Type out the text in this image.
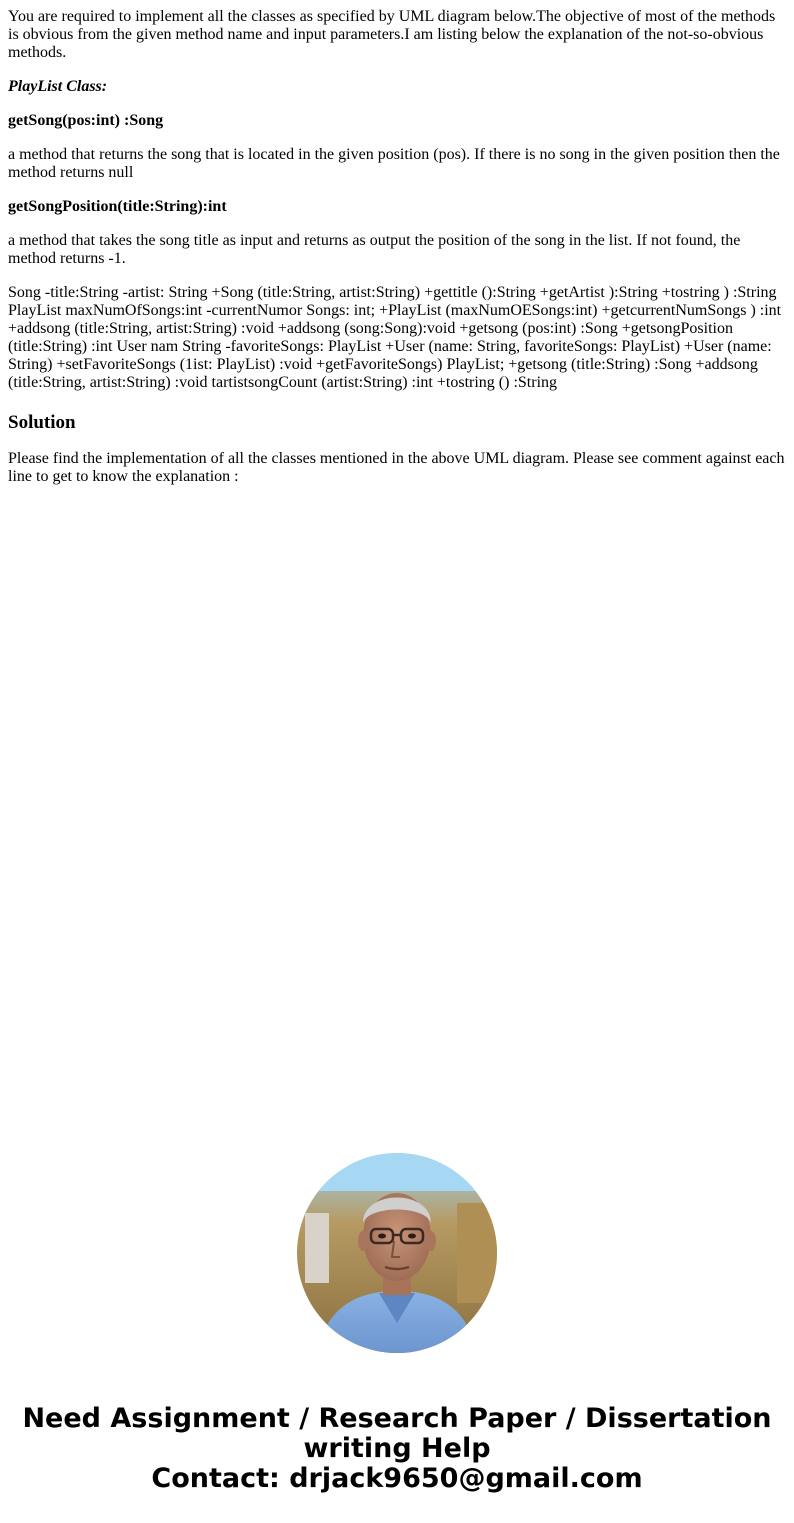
You are required to implement all the classes as specified by UML diagram below.The objective of most of the methods is obvious from the given method name and input parameters.I am listing below the explanation of the not-so-obvious methods.

PlayList Class:

getSong(pos:int) :Song

a method that returns the song that is located in the given position (pos). If there is no song in the given position then the method returns null

getSongPosition(title:String):int

a method that takes the song title as input and returns as output the position of the song in the list. If not found, the method returns -1.

Song -title:String -artist: String +Song (title:String, artist:String) +gettitle ():String +getArtist ):String +tostring ) :String PlayList maxNumOfSongs:int -currentNumor Songs: int; +PlayList (maxNumOESongs:int) +getcurrentNumSongs ) :int +addsong (title:String, artist:String) :void +addsong (song:Song):void +getsong (pos:int) :Song +getsongPosition (title:String) :int User nam String -favoriteSongs: PlayList +User (name: String, favoriteSongs: PlayList) +User (name: String) +setFavoriteSongs (1ist: PlayList) :void +getFavoriteSongs) PlayList; +getsong (title:String) :Song +addsong (title:String, artist:String) :void tartistsongCount (artist:String) :int +tostring () :String

Solution

Please find the implementation of all the classes mentioned in the above UML diagram. Please see comment against each line to get to know the explanation :

Need Assignment / Research Paper / Dissertation
writing Help
Contact: drjack9650@gmail.com
